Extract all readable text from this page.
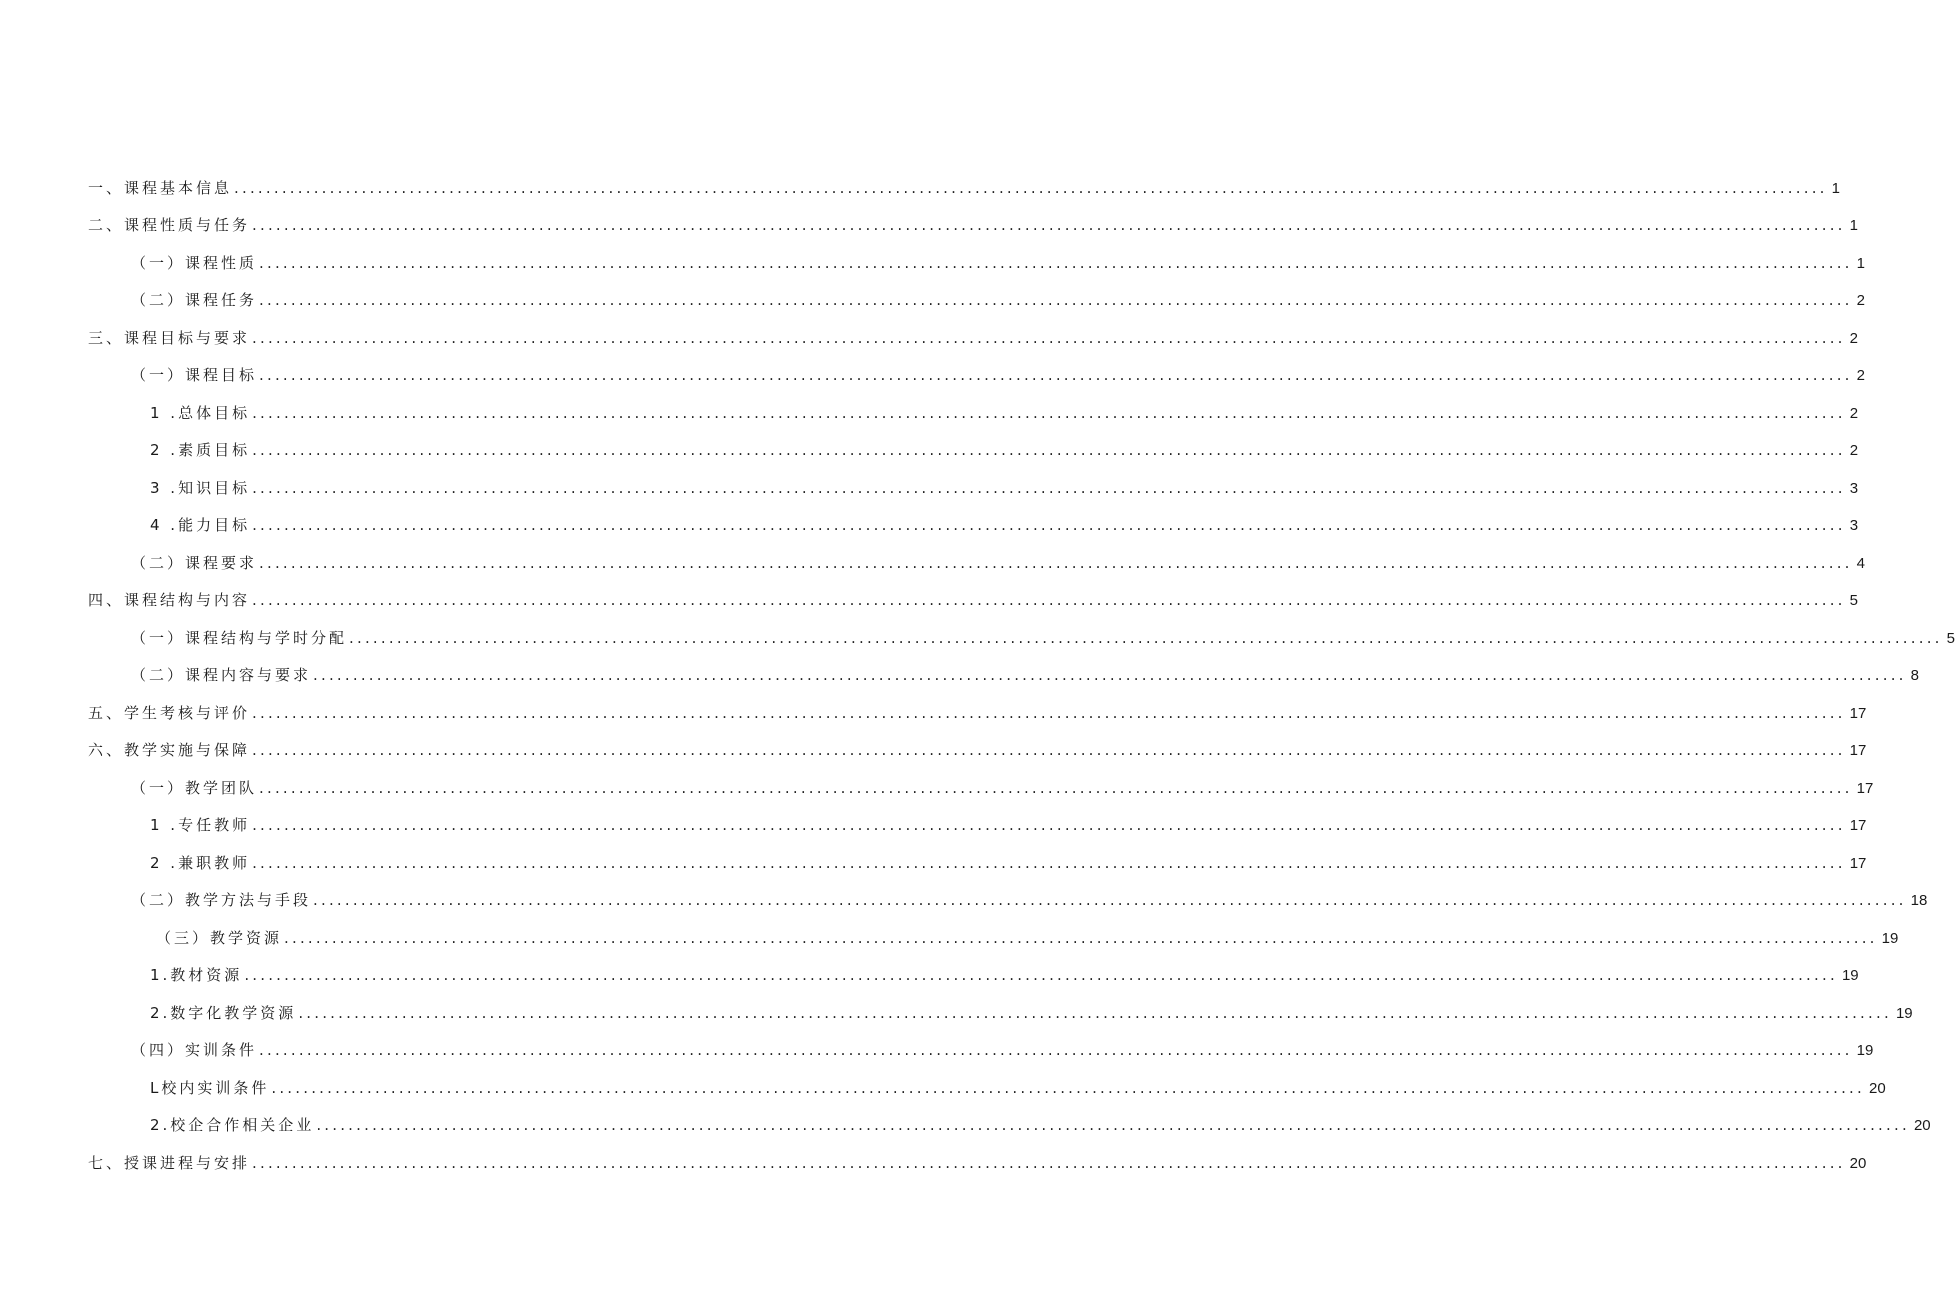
一、课程基本信息 ........................................................................................................................................................................................................ 1
二、课程性质与任务 ........................................................................................................................................................................................................ 1
（一）课程性质 ........................................................................................................................................................................................................ 1
（二）课程任务 ........................................................................................................................................................................................................ 2
三、课程目标与要求 ........................................................................................................................................................................................................ 2
（一）课程目标 ........................................................................................................................................................................................................ 2
1 .总体目标 ........................................................................................................................................................................................................ 2
2 .素质目标 ........................................................................................................................................................................................................ 2
3 .知识目标 ........................................................................................................................................................................................................ 3
4 .能力目标 ........................................................................................................................................................................................................ 3
（二）课程要求 ........................................................................................................................................................................................................ 4
四、课程结构与内容 ........................................................................................................................................................................................................ 5
（一）课程结构与学时分配 ........................................................................................................................................................................................................ 5
（二）课程内容与要求 ........................................................................................................................................................................................................ 8
五、学生考核与评价 ........................................................................................................................................................................................................ 17
六、教学实施与保障 ........................................................................................................................................................................................................ 17
（一）教学团队 ........................................................................................................................................................................................................ 17
1 .专任教师 ........................................................................................................................................................................................................ 17
2 .兼职教师 ........................................................................................................................................................................................................ 17
（二）教学方法与手段 ........................................................................................................................................................................................................ 18
（三）教学资源 ........................................................................................................................................................................................................ 19
1.教材资源 ........................................................................................................................................................................................................ 19
2.数字化教学资源 ........................................................................................................................................................................................................ 19
（四）实训条件 ........................................................................................................................................................................................................ 19
L校内实训条件 ........................................................................................................................................................................................................ 20
2.校企合作相关企业 ........................................................................................................................................................................................................ 20
七、授课进程与安排 ........................................................................................................................................................................................................ 20
